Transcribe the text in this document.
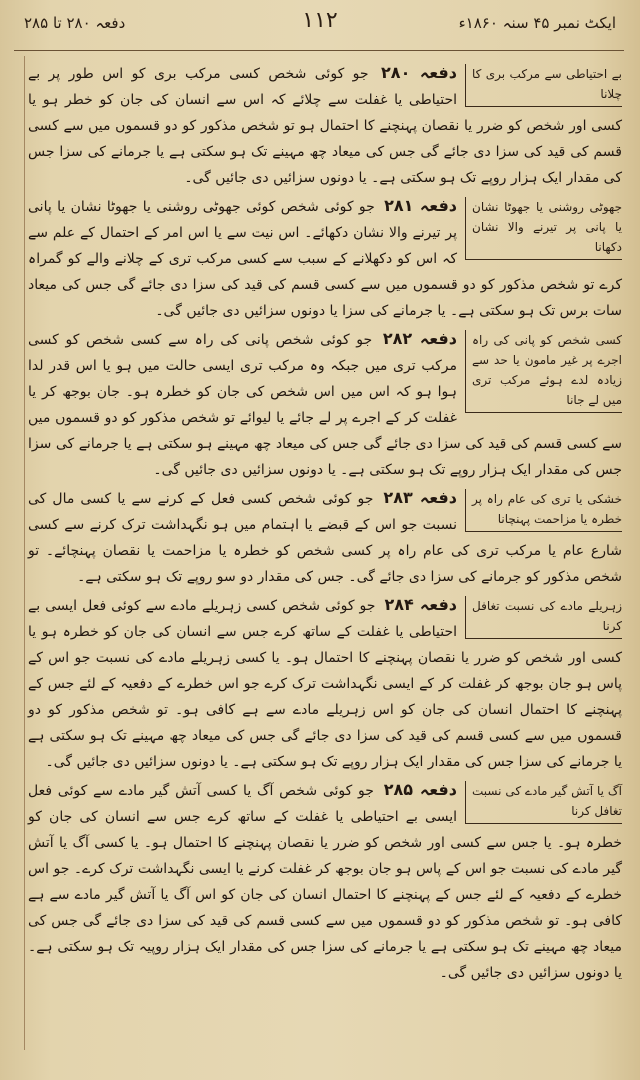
ایکٹ نمبر ۴۵ سنہ ۱۸۶۰ء
۱۱۲
دفعہ ۲۸۰ تا ۲۸۵
بے احتیاطی سے مرکب بری کا چلانا
دفعہ ۲۸۰ جو کوئی شخص کسی مرکب بری کو اس طور پر بے احتیاطی یا غفلت سے چلائے کہ اس سے انسان کی جان کو خطر ہو یا کسی اور شخص کو ضرر یا نقصان پہنچنے کا احتمال ہو تو شخص مذکور کو دو قسموں میں سے کسی قسم کی قید کی سزا دی جائے گی جس کی میعاد چھ مہینے تک ہو سکتی ہے یا جرمانے کی سزا جس کی مقدار ایک ہزار روپے تک ہو سکتی ہے۔ یا دونوں سزائیں دی جائیں گی۔
جھوٹی روشنی یا جھوٹا نشان یا پانی پر تیرنے والا نشان دکھانا
دفعہ ۲۸۱ جو کوئی شخص کوئی جھوٹی روشنی یا جھوٹا نشان یا پانی پر تیرنے والا نشان دکھائے۔ اس نیت سے یا اس امر کے احتمال کے علم سے کہ اس کو دکھلانے کے سبب سے کسی مرکب تری کے چلانے والے کو گمراہ کرے تو شخص مذکور کو دو قسموں میں سے کسی قسم کی قید کی سزا دی جائے گی جس کی میعاد سات برس تک ہو سکتی ہے۔ یا جرمانے کی سزا یا دونوں سزائیں دی جائیں گی۔
کسی شخص کو پانی کی راہ اجرے پر غیر مامون یا حد سے زیادہ لدے ہوئے مرکب تری میں لے جانا
دفعہ ۲۸۲ جو کوئی شخص پانی کی راہ سے کسی شخص کو کسی مرکب تری میں جبکہ وہ مرکب تری ایسی حالت میں ہو یا اس قدر لدا ہوا ہو کہ اس میں اس شخص کی جان کو خطرہ ہو۔ جان بوجھ کر یا غفلت کر کے اجرے پر لے جائے یا لیوائے تو شخص مذکور کو دو قسموں میں سے کسی قسم کی قید کی سزا دی جائے گی جس کی میعاد چھ مہینے ہو سکتی ہے یا جرمانے کی سزا جس کی مقدار ایک ہزار روپے تک ہو سکتی ہے۔ یا دونوں سزائیں دی جائیں گی۔
خشکی یا تری کی عام راہ پر خطرہ یا مزاحمت پہنچانا
دفعہ ۲۸۳ جو کوئی شخص کسی فعل کے کرنے سے یا کسی مال کی نسبت جو اس کے قبضے یا اہتمام میں ہو نگہداشت ترک کرنے سے کسی شارع عام یا مرکب تری کی عام راہ پر کسی شخص کو خطرہ یا مزاحمت یا نقصان پہنچائے۔ تو شخص مذکور کو جرمانے کی سزا دی جائے گی۔ جس کی مقدار دو سو روپے تک ہو سکتی ہے۔
زہریلے مادے کی نسبت تغافل کرنا
دفعہ ۲۸۴ جو کوئی شخص کسی زہریلے مادے سے کوئی فعل ایسی بے احتیاطی یا غفلت کے ساتھ کرے جس سے انسان کی جان کو خطرہ ہو یا کسی اور شخص کو ضرر یا نقصان پہنچنے کا احتمال ہو۔ یا کسی زہریلے مادے کی نسبت جو اس کے پاس ہو جان بوجھ کر غفلت کر کے ایسی نگہداشت ترک کرے جو اس خطرے کے دفعیہ کے لئے جس کے پہنچنے کا احتمال انسان کی جان کو اس زہریلے مادے سے ہے کافی ہو۔ تو شخص مذکور کو دو قسموں میں سے کسی قسم کی قید کی سزا دی جائے گی جس کی میعاد چھ مہینے تک ہو سکتی ہے یا جرمانے کی سزا جس کی مقدار ایک ہزار روپے تک ہو سکتی ہے۔ یا دونوں سزائیں دی جائیں گی۔
آگ یا آتش گیر مادے کی نسبت تغافل کرنا
دفعہ ۲۸۵ جو کوئی شخص آگ یا کسی آتش گیر مادے سے کوئی فعل ایسی بے احتیاطی یا غفلت کے ساتھ کرے جس سے انسان کی جان کو خطرہ ہو۔ یا جس سے کسی اور شخص کو ضرر یا نقصان پہنچنے کا احتمال ہو۔ یا کسی آگ یا آتش گیر مادے کی نسبت جو اس کے پاس ہو جان بوجھ کر غفلت کرنے یا ایسی نگہداشت ترک کرے۔ جو اس خطرے کے دفعیہ کے لئے جس کے پہنچنے کا احتمال انسان کی جان کو اس آگ یا آتش گیر مادے سے ہے کافی ہو۔ تو شخص مذکور کو دو قسموں میں سے کسی قسم کی قید کی سزا دی جائے گی جس کی میعاد چھ مہینے تک ہو سکتی ہے یا جرمانے کی سزا جس کی مقدار ایک ہزار روپیہ تک ہو سکتی ہے۔ یا دونوں سزائیں دی جائیں گی۔
